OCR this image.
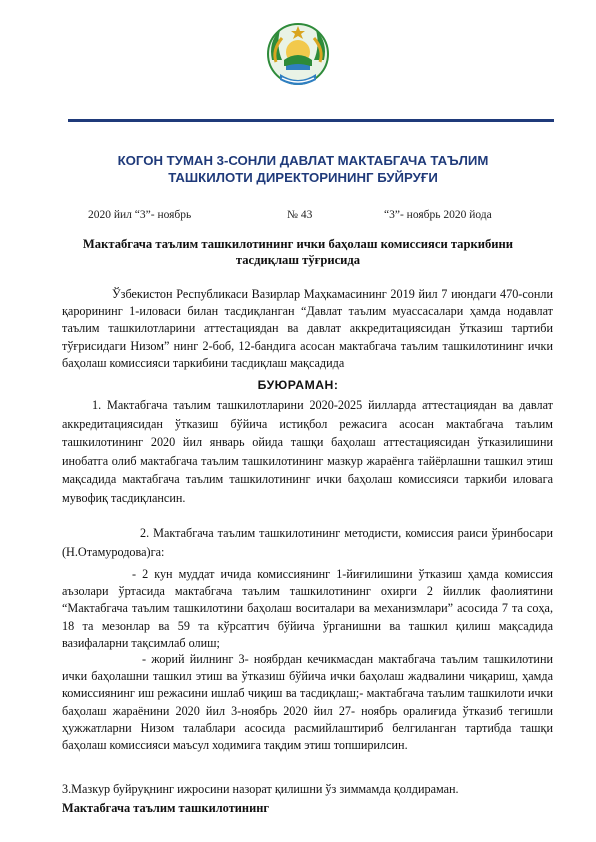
КОГОН ТУМАН 3-СОНЛИ ДАВЛАТ МАКТАБГАЧА ТАЪЛИМ
ТАШКИЛОТИ ДИРЕКТОРИНИНГ БУЙРУҒИ
2020 йил “3”- ноябрь	№ 43	“3”- ноябрь 2020 йода
Мактабгача таълим ташкилотининг ички баҳолаш комиссияси таркибини тасдиқлаш тўғрисида
Ўзбекистон Республикаси Вазирлар Маҳкамасининг 2019 йил 7 июндаги 470-сонли қарорининг 1-иловаси билан тасдиқланган “Давлат таълим муассасалари ҳамда нодавлат таълим ташкилотларини аттестациядан ва давлат аккредитациясидан ўтказиш тартиби тўғрисидаги Низом” нинг 2-боб, 12-бандига асосан мактабгача таълим ташкилотининг ички баҳолаш комиссияси таркибини тасдиқлаш мақсадида
БУЮРАМАН:
1. Мактабгача таълим ташкилотларини 2020-2025 йилларда аттестациядан ва давлат аккредитациясидан ўтказиш бўйича истиқбол режасига асосан мактабгача таълим ташкилотининг 2020 йил январь ойида ташқи баҳолаш аттестациясидан ўтказилишини инобатга олиб мактабгача таълим ташкилотининг мазкур жараёнга тайёрлашни ташкил этиш мақсадида мактабгача таълим ташкилотининг ички баҳолаш комиссияси таркиби иловага мувофиқ тасдиқлансин.
2. Мактабгача таълим ташкилотининг методисти, комиссия раиси ўринбосари (Н.Отамуродова)га:
- 2 кун муддат ичида комиссиянинг 1-йиғилишини ўтказиш ҳамда комиссия аъзолари ўртасида мактабгача таълим ташкилотининг охирги 2 йиллик фаолиятини “Мактабгача таълим ташкилотини баҳолаш воситалари ва механизмлари” асосида 7 та соҳа, 18 та мезонлар ва 59 та кўрсатгич бўйича ўрганишни ва ташкил қилиш мақсадида вазифаларни тақсимлаб олиш;
- жорий йилнинг 3- ноябрдан кечикмасдан мактабгача таълим ташкилотини ички баҳолашни ташкил этиш ва ўтказиш бўйича ички баҳолаш жадвалини чиқариш, ҳамда комиссиянинг иш режасини ишлаб чиқиш ва тасдиқлаш;- мактабгача таълим ташкилоти ички баҳолаш жараёнини 2020 йил 3-ноябрь 2020 йил 27- ноябрь оралиғида ўтказиб тегишли ҳужжатларни Низом талаблари асосида расмийлаштириб белгиланган тартибда ташқи баҳолаш комиссияси маъсул ходимига тақдим этиш топширилсин.
3.Мазкур буйруқнинг ижросини назорат қилишни ўз зиммамда қолдираман.
Мактабгача таълим ташкилотининг
